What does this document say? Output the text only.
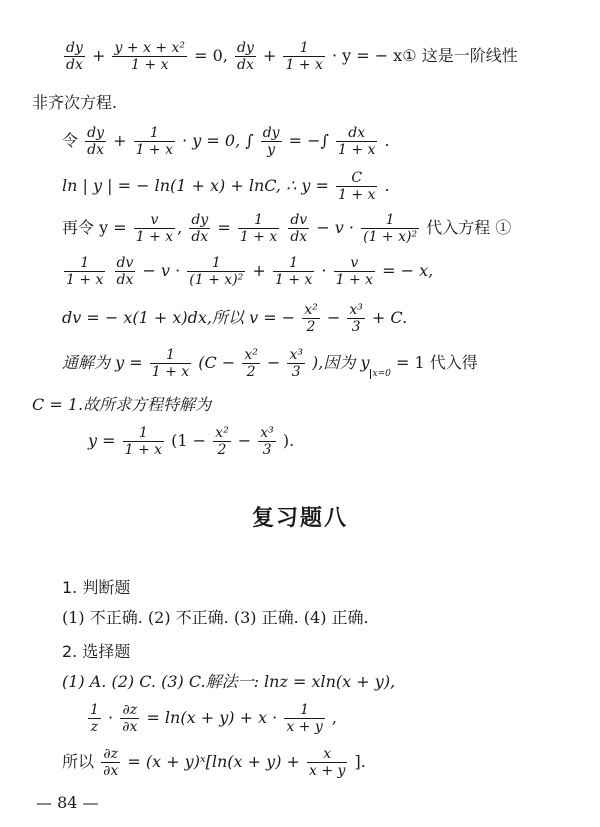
$\frac{dy}{dx} + \frac{\text{y + x + x²}}{1 + x} = 0$, $\frac{dy}{dx} + \frac{1}{1 + x} \cdot y$ = − x① 这是一阶线性
非齐次方程.
令 $\frac{dy}{dx} + \frac{1}{1 + x} \cdot y = 0$, ∫ $\frac{dy}{y}$ = −∫ $\frac{dx}{1 + x}$ .
ln | y | = − ln(1 + x) + lnC, ∴ $y = \frac{C}{1 + x}$ .
再令 $y = \frac{v}{1 + x}$ , $\frac{dy}{dx} = \frac{1}{1 + x}$
$\frac{dv}{dx} - v \cdot \frac{1}{\text{(1 + x)²}}$ 代入方程 ①
$\frac{1}{1 + x}$
$\frac{dv}{dx} - v \cdot \frac{1}{\text{(1 + x)²}} + \frac{1}{1 + x} \cdot \frac{v}{1 + x}$ = − x,
dv = − x(1 + x)dx,所以 v = − $\frac{\text{x²}}{2} - \frac{\text{x³}}{3} + C$.
通解为 $y = \frac{1}{1 + x} (C - \frac{\text{x²}}{2} - \frac{\text{x³}}{3}$ ),因为 $y_{x=0} = 1$ 代入得
C = 1.故所求方程特解为
$y = \frac{1}{1 + x} (1 - \frac{\text{x²}}{2} - \frac{\text{x³}}{3}$ ).
复习题八
1. 判断题
(1) 不正确. (2) 不正确. (3) 正确. (4) 正确.
2. 选择题
(1) A. (2) C. (3) C.解法一: lnz = xln(x + y),
$\frac{1}{z} \cdot \frac{\partial z}{\partial x} = \ln(x + y) + x \cdot \frac{1}{x + y}$ ,
所以 $\frac{\partial z}{\partial x} = (x$ + y)ˣ[ln(x + $y) + \frac{x}{x + y}$ ].
— 84 —
